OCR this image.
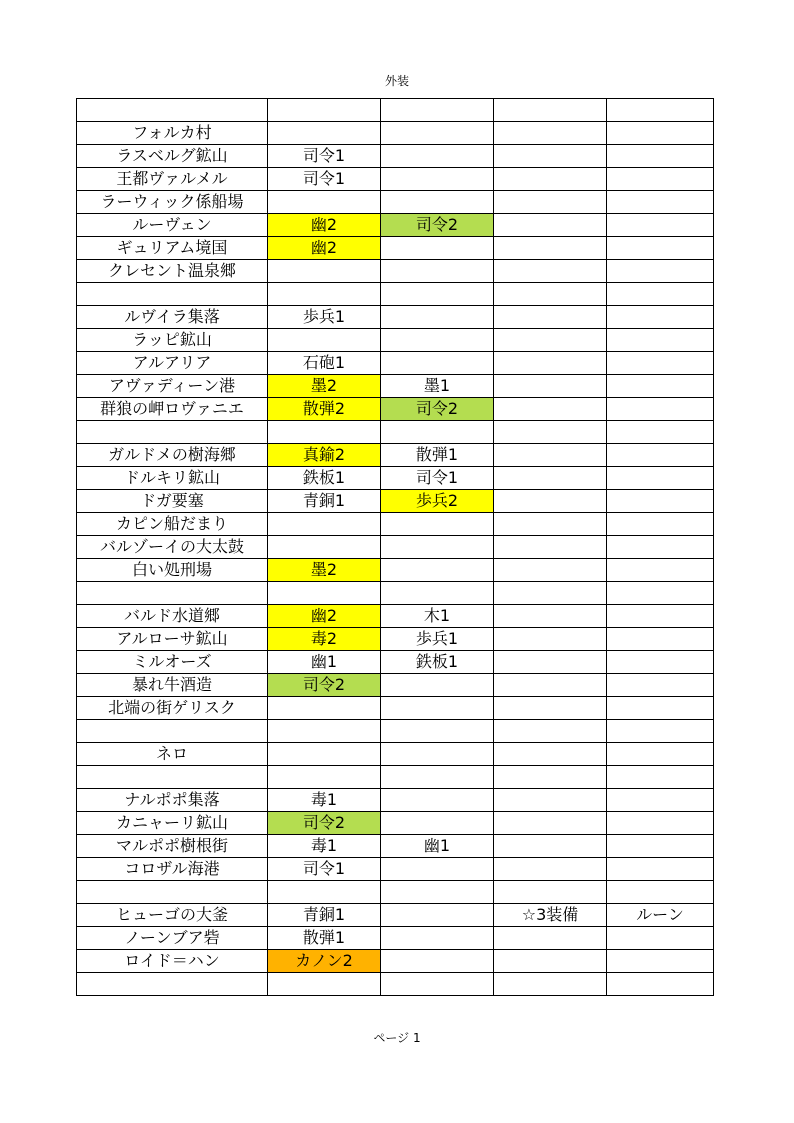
外装

フォルカ村				
ラスベルグ鉱山	司令1			
王都ヴァルメル	司令1			
ラーウィック係船場				
ルーヴェン	幽2	司令2		
ギュリアム境国	幽2			
クレセント温泉郷				

ルヴイラ集落	歩兵1			
ラッピ鉱山				
アルアリア	石砲1			
アヴァディーン港	墨2	墨1		
群狼の岬ロヴァニエ	散弾2	司令2		

ガルドメの樹海郷	真鍮2	散弾1		
ドルキリ鉱山	鉄板1	司令1		
ドガ要塞	青銅1	歩兵2		
カピン船だまり				
バルゾーイの大太鼓				
白い処刑場	墨2			

バルド水道郷	幽2	木1		
アルローサ鉱山	毒2	歩兵1		
ミルオーズ	幽1	鉄板1		
暴れ牛酒造	司令2			
北端の街ゲリスク				

ネロ				

ナルポポ集落	毒1			
カニャーリ鉱山	司令2			
マルポポ樹根街	毒1	幽1		
コロザル海港	司令1			

ヒューゴの大釜	青銅1		☆3装備	ルーン
ノーンブア砦	散弾1			
ロイド＝ハン	カノン2			

ページ 1
